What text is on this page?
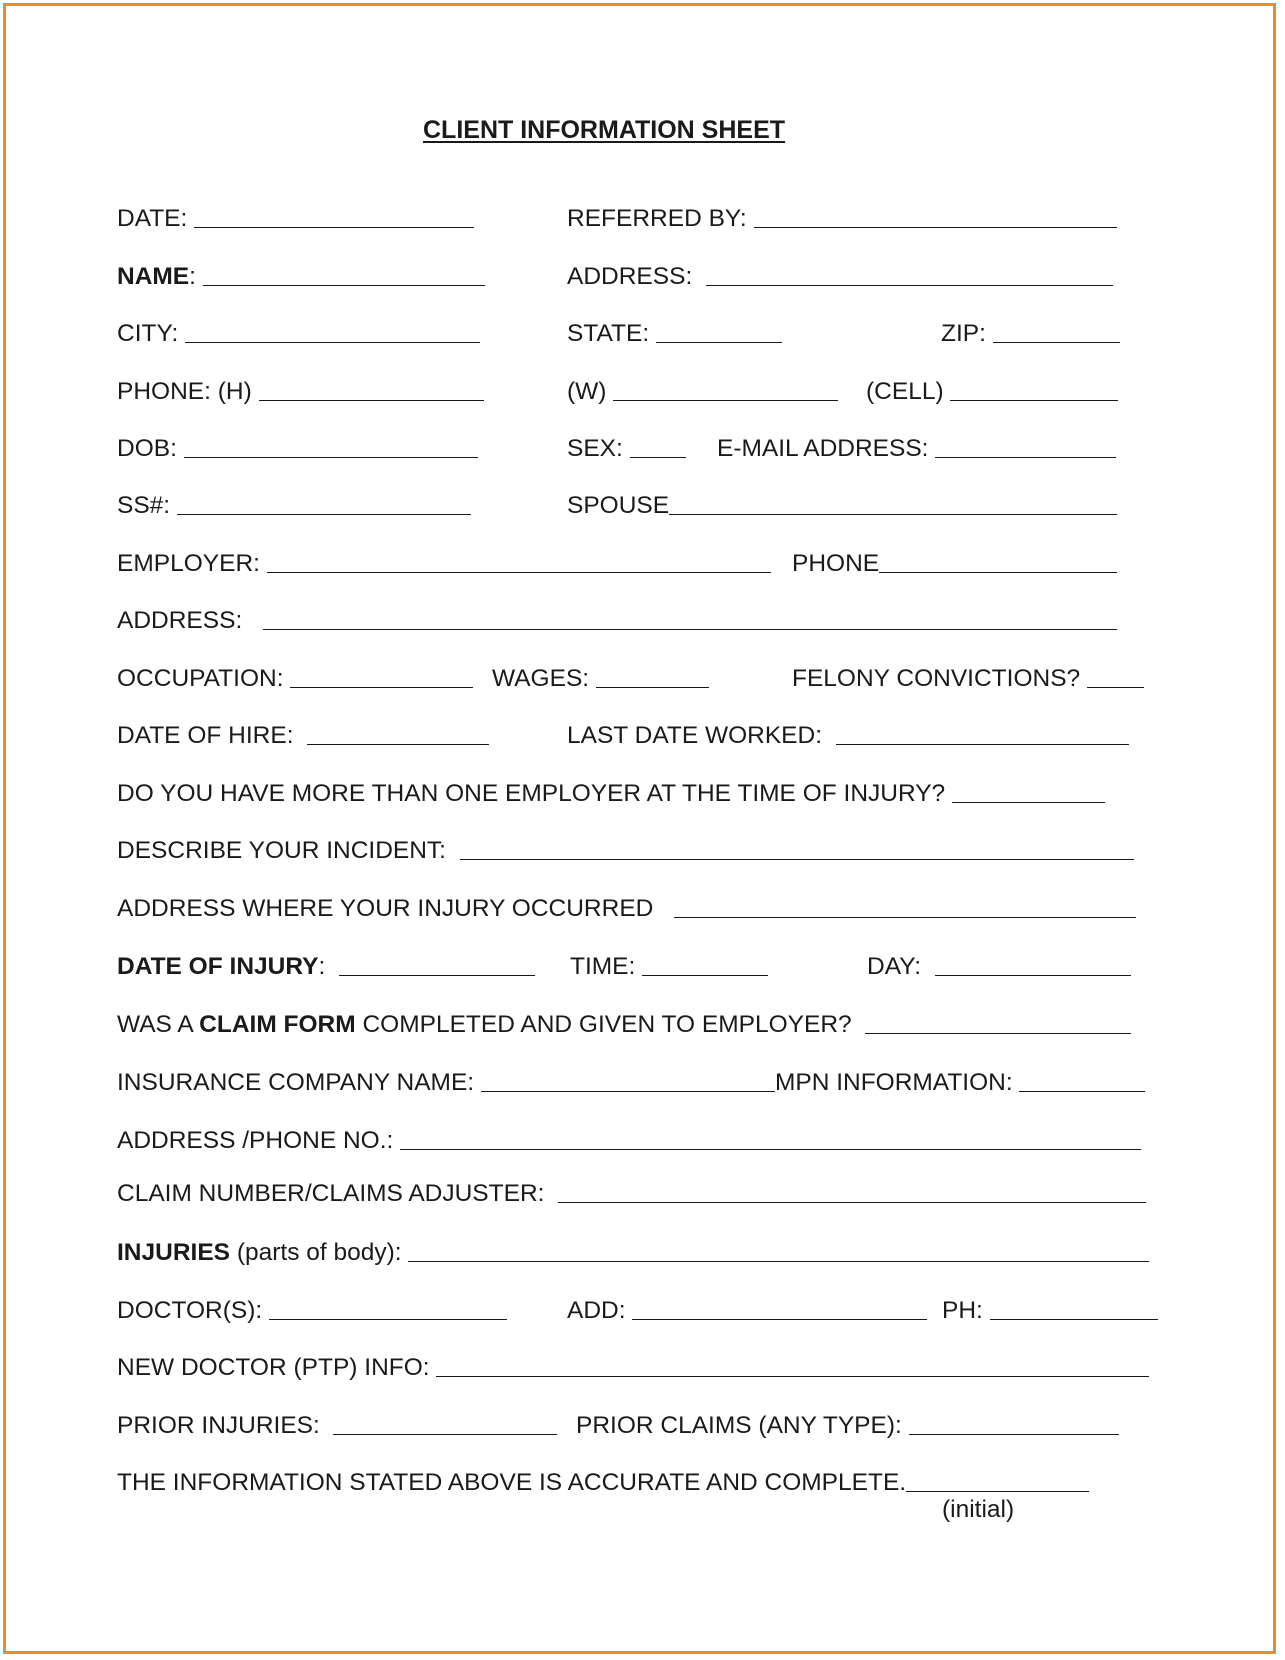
CLIENT INFORMATION SHEET
DATE:	REFERRED BY:
NAME :	ADDRESS:
CITY:	STATE:	ZIP:
PHONE: (H)	(W)	(CELL)
DOB:	SEX:	E-MAIL ADDRESS:
SS#:	SPOUSE
EMPLOYER:	PHONE
ADDRESS:
OCCUPATION:	WAGES:	FELONY CONVICTIONS?
DATE OF HIRE:	LAST DATE WORKED:
DO YOU HAVE MORE THAN ONE EMPLOYER AT THE TIME OF INJURY?
DESCRIBE YOUR INCIDENT:
ADDRESS WHERE YOUR INJURY OCCURRED
DATE OF INJURY :	TIME:	DAY:
WAS A CLAIM FORM COMPLETED AND GIVEN TO EMPLOYER?
INSURANCE COMPANY NAME:	MPN INFORMATION:
ADDRESS /PHONE NO.:
CLAIM NUMBER/CLAIMS ADJUSTER:
INJURIES (parts of body):
DOCTOR(S):	ADD:	PH:
NEW DOCTOR (PTP) INFO:
PRIOR INJURIES:	PRIOR CLAIMS (ANY TYPE):
THE INFORMATION STATED ABOVE IS ACCURATE AND COMPLETE.
(initial)
